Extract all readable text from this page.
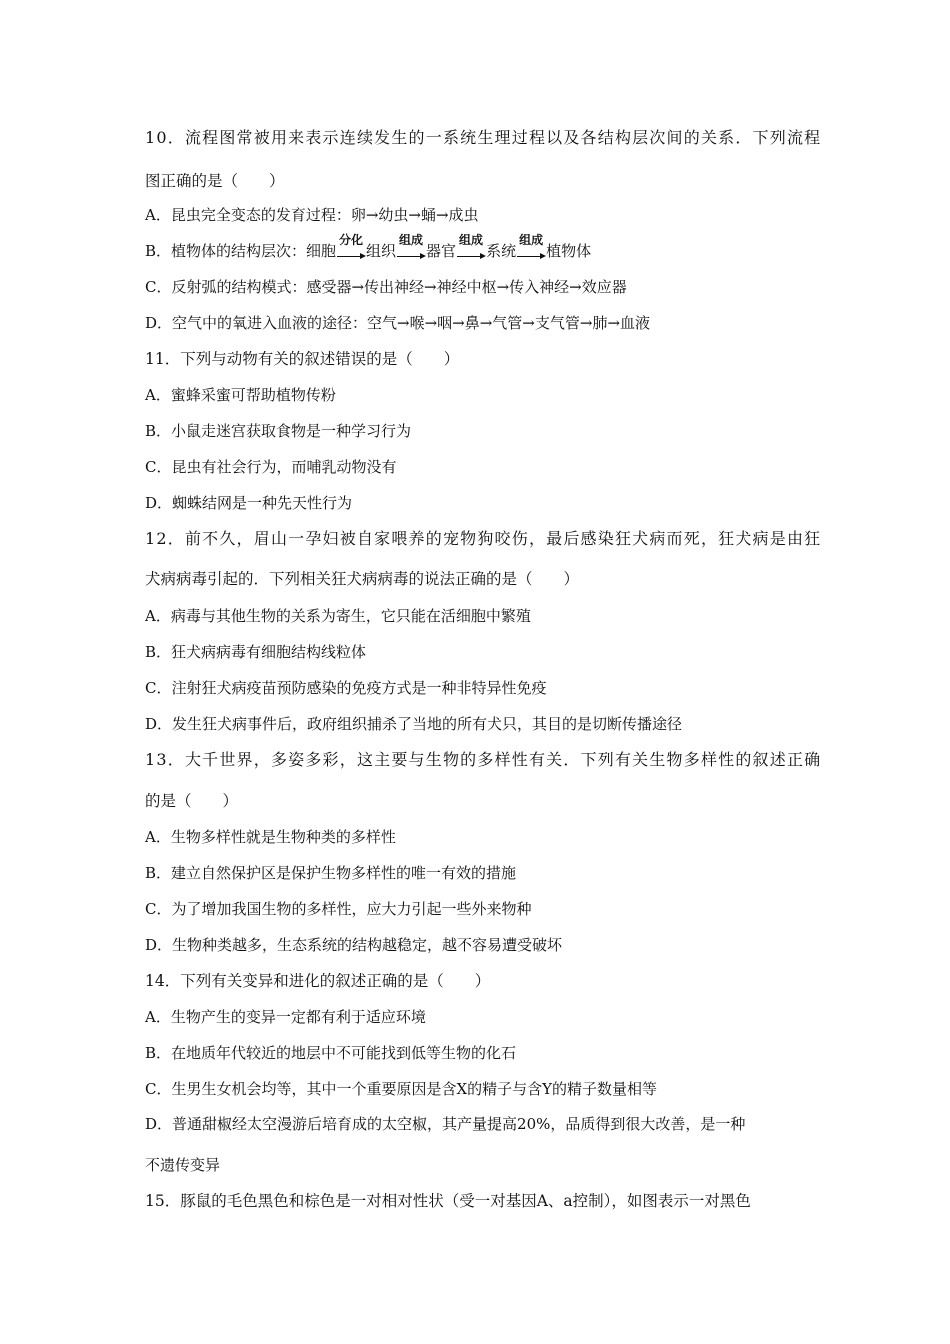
10．流程图常被用来表示连续发生的一系统生理过程以及各结构层次间的关系．下列流程
图正确的是（　　）
A．昆虫完全变态的发育过程：卵→幼虫→蛹→成虫
B．植物体的结构层次：细胞
分化
组织
组成
器官
组成
系统
组成
植物体
C．反射弧的结构模式：感受器→传出神经→神经中枢→传入神经→效应器
D．空气中的氧进入血液的途径：空气→喉→咽→鼻→气管→支气管→肺→血液
11．下列与动物有关的叙述错误的是（　　）
A．蜜蜂采蜜可帮助植物传粉
B．小鼠走迷宫获取食物是一种学习行为
C．昆虫有社会行为，而哺乳动物没有
D．蜘蛛结网是一种先天性行为
12．前不久，眉山一孕妇被自家喂养的宠物狗咬伤，最后感染狂犬病而死，狂犬病是由狂
犬病病毒引起的．下列相关狂犬病病毒的说法正确的是（　　）
A．病毒与其他生物的关系为寄生，它只能在活细胞中繁殖
B．狂犬病病毒有细胞结构线粒体
C．注射狂犬病疫苗预防感染的免疫方式是一种非特异性免疫
D．发生狂犬病事件后，政府组织捕杀了当地的所有犬只，其目的是切断传播途径
13．大千世界，多姿多彩，这主要与生物的多样性有关．下列有关生物多样性的叙述正确
的是（　　）
A．生物多样性就是生物种类的多样性
B．建立自然保护区是保护生物多样性的唯一有效的措施
C．为了增加我国生物的多样性，应大力引起一些外来物种
D．生物种类越多，生态系统的结构越稳定，越不容易遭受破坏
14．下列有关变异和进化的叙述正确的是（　　）
A．生物产生的变异一定都有利于适应环境
B．在地质年代较近的地层中不可能找到低等生物的化石
C．生男生女机会均等，其中一个重要原因是含X的精子与含Y的精子数量相等
D．普通甜椒经太空漫游后培育成的太空椒，其产量提高20%，品质得到很大改善，是一种
不遗传变异
15．豚鼠的毛色黑色和棕色是一对相对性状（受一对基因A、a控制），如图表示一对黑色
